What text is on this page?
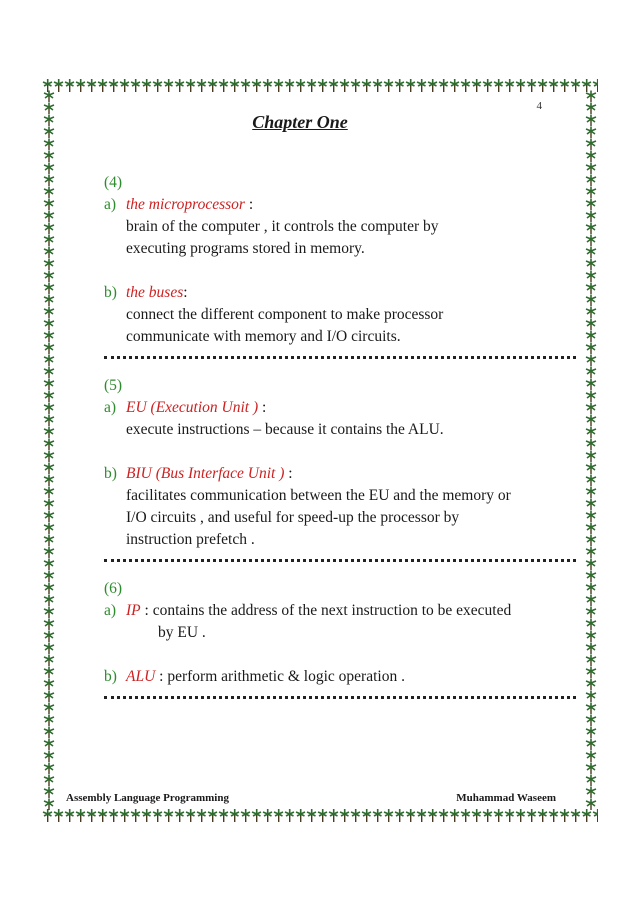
4
Chapter One
(4)
a) the microprocessor :
brain of the computer , it controls the computer by
executing programs stored in memory.
b) the buses:
connect the different component to make processor
communicate with memory and I/O circuits.
(5)
a) EU (Execution Unit ) :
execute instructions – because it contains the ALU.
b) BIU (Bus Interface Unit ) :
facilitates communication between the EU and the memory or
I/O circuits , and useful for speed-up the processor by
instruction prefetch .
(6)
a) IP : contains the address of the next instruction to be executed
by EU .
b) ALU : perform arithmetic & logic operation .
Assembly Language Programming	Muhammad Waseem
